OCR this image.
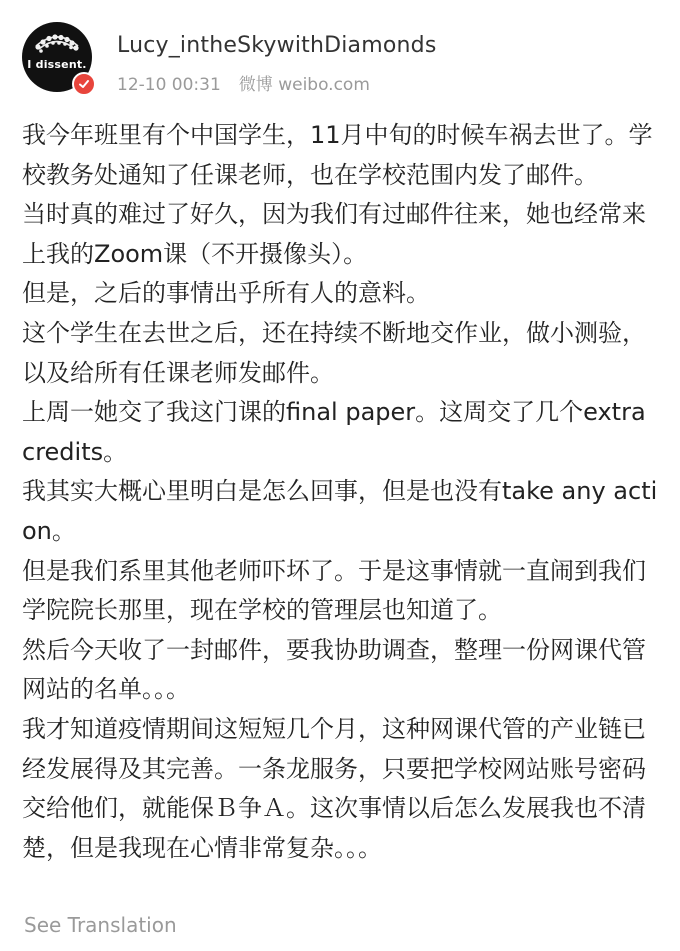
I dissent.
Lucy_intheSkywithDiamonds
12-10 00:31 微博 weibo.com

我今年班里有个中国学生，11月中旬的时候车祸去世了。学校教务处通知了任课老师，也在学校范围内发了邮件。

当时真的难过了好久，因为我们有过邮件往来，她也经常来上我的Zoom课（不开摄像头）。

但是，之后的事情出乎所有人的意料。

这个学生在去世之后，还在持续不断地交作业，做小测验，以及给所有任课老师发邮件。

上周一她交了我这门课的final paper。这周交了几个extra credits。

我其实大概心里明白是怎么回事，但是也没有take any action。

但是我们系里其他老师吓坏了。于是这事情就一直闹到我们学院院长那里，现在学校的管理层也知道了。

然后今天收了一封邮件，要我协助调查，整理一份网课代管网站的名单。。。

我才知道疫情期间这短短几个月，这种网课代管的产业链已经发展得及其完善。一条龙服务，只要把学校网站账号密码交给他们，就能保Ｂ争Ａ。这次事情以后怎么发展我也不清楚，但是我现在心情非常复杂。。。

See Translation
